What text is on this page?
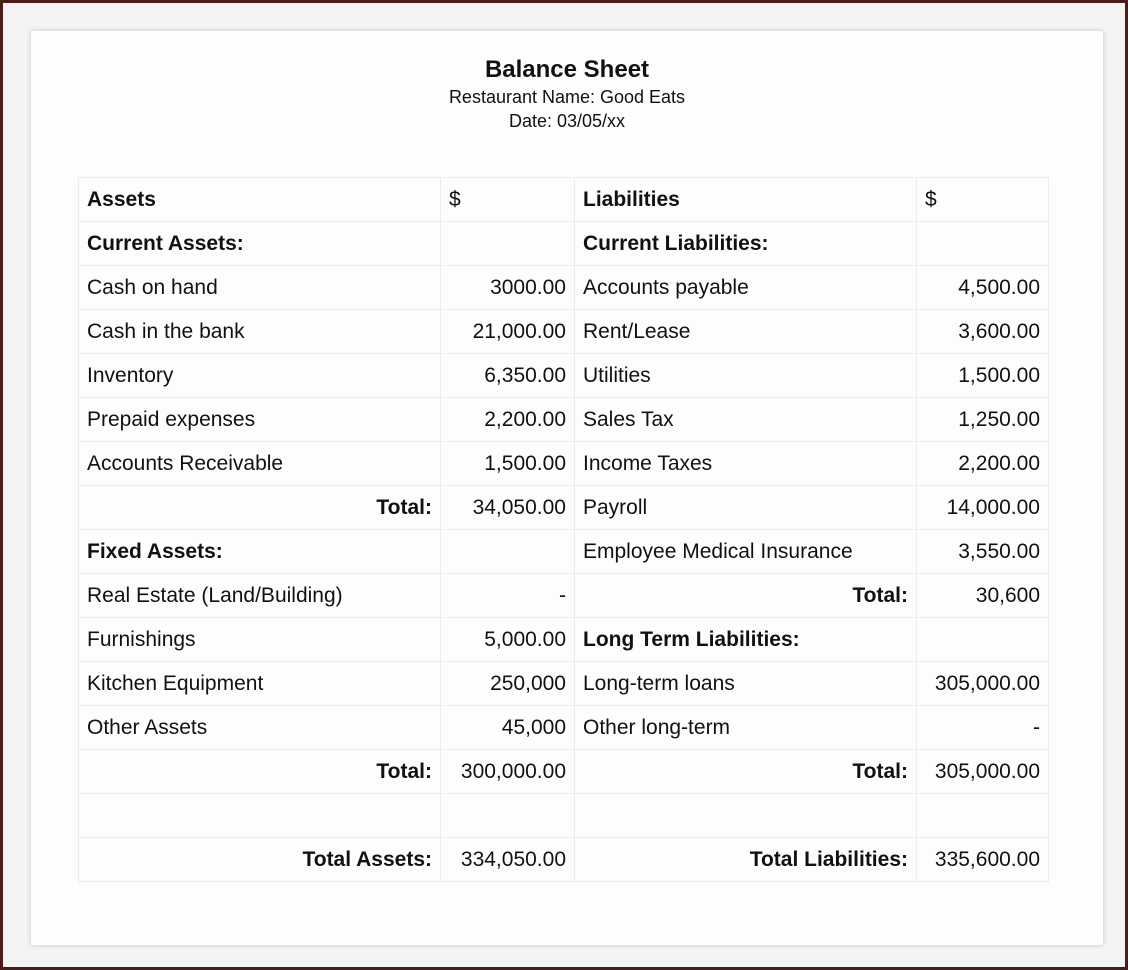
Balance Sheet
Restaurant Name: Good Eats
Date: 03/05/xx
Assets	$	Liabilities	$
Current Assets:		Current Liabilities:	
Cash on hand	3000.00	Accounts payable	4,500.00
Cash in the bank	21,000.00	Rent/Lease	3,600.00
Inventory	6,350.00	Utilities	1,500.00
Prepaid expenses	2,200.00	Sales Tax	1,250.00
Accounts Receivable	1,500.00	Income Taxes	2,200.00
Total:	34,050.00	Payroll	14,000.00
Fixed Assets:		Employee Medical Insurance	3,550.00
Real Estate (Land/Building)	-	Total:	30,600
Furnishings	5,000.00	Long Term Liabilities:	
Kitchen Equipment	250,000	Long-term loans	305,000.00
Other Assets	45,000	Other long-term	-
Total:	300,000.00	Total:	305,000.00

Total Assets:	334,050.00	Total Liabilities:	335,600.00
